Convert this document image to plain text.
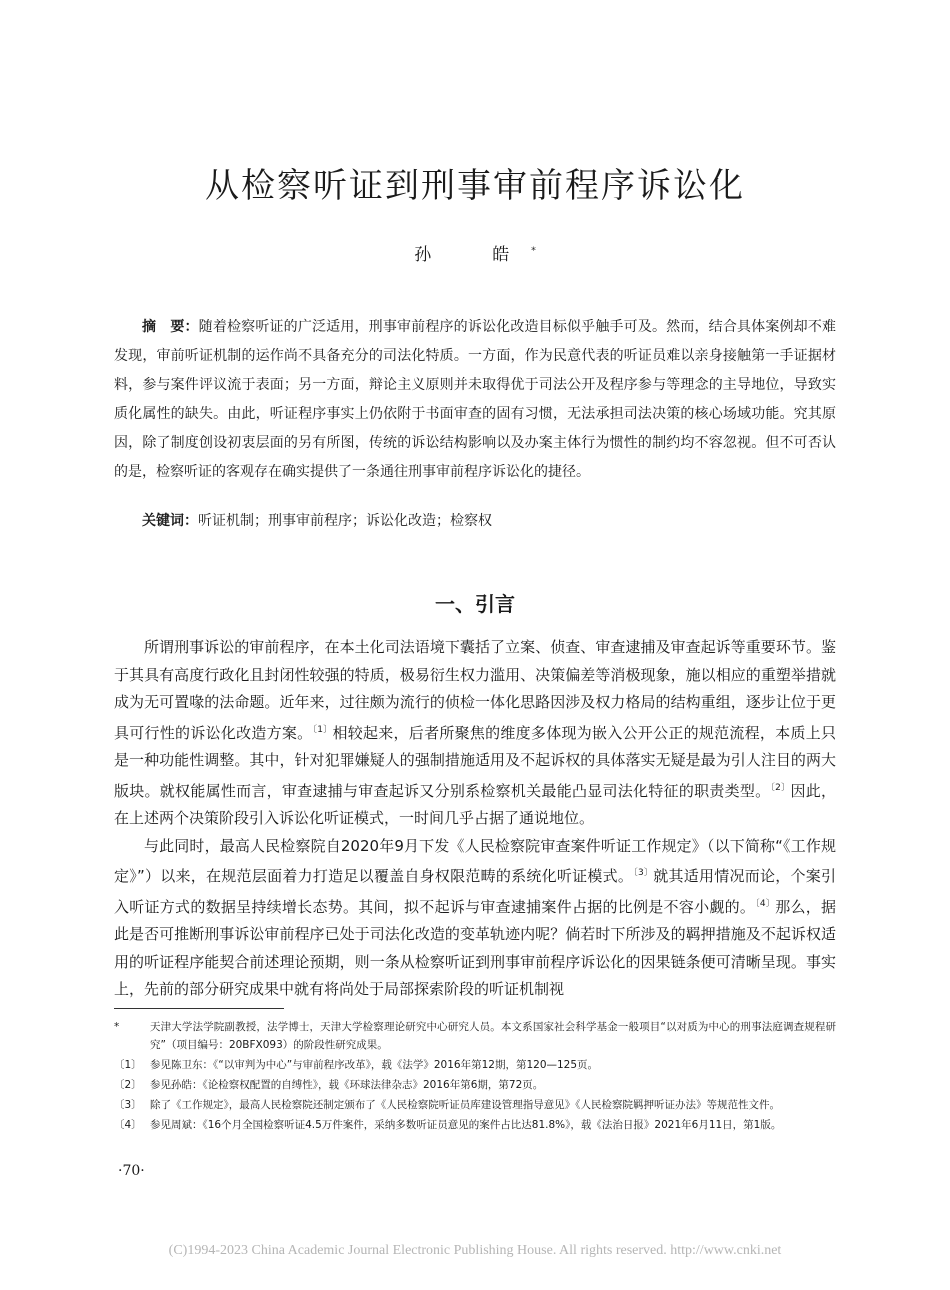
从检察听证到刑事审前程序诉讼化
孙　皓*

摘　要：随着检察听证的广泛适用，刑事审前程序的诉讼化改造目标似乎触手可及。然而，结合具体案例却不难发现，审前听证机制的运作尚不具备充分的司法化特质。一方面，作为民意代表的听证员难以亲身接触第一手证据材料，参与案件评议流于表面；另一方面，辩论主义原则并未取得优于司法公开及程序参与等理念的主导地位，导致实质化属性的缺失。由此，听证程序事实上仍依附于书面审查的固有习惯，无法承担司法决策的核心场域功能。究其原因，除了制度创设初衷层面的另有所图，传统的诉讼结构影响以及办案主体行为惯性的制约均不容忽视。但不可否认的是，检察听证的客观存在确实提供了一条通往刑事审前程序诉讼化的捷径。

关键词：听证机制；刑事审前程序；诉讼化改造；检察权
一、引言

所谓刑事诉讼的审前程序，在本土化司法语境下囊括了立案、侦查、审查逮捕及审查起诉等重要环节。鉴于其具有高度行政化且封闭性较强的特质，极易衍生权力滥用、决策偏差等消极现象，施以相应的重塑举措就成为无可置喙的法命题。近年来，过往颇为流行的侦检一体化思路因涉及权力格局的结构重组，逐步让位于更具可行性的诉讼化改造方案。$^{〔1〕}$相较起来，后者所聚焦的维度多体现为嵌入公开公正的规范流程，本质上只是一种功能性调整。其中，针对犯罪嫌疑人的强制措施适用及不起诉权的具体落实无疑是最为引人注目的两大版块。就权能属性而言，审查逮捕与审查起诉又分别系检察机关最能凸显司法化特征的职责类型。$^{〔2〕}$因此，在上述两个决策阶段引入诉讼化听证模式，一时间几乎占据了通说地位。

与此同时，最高人民检察院自2020年9月下发《人民检察院审查案件听证工作规定》（以下简称“《工作规定》”）以来，在规范层面着力打造足以覆盖自身权限范畴的系统化听证模式。$^{〔3〕}$就其适用情况而论，个案引入听证方式的数据呈持续增长态势。其间，拟不起诉与审查逮捕案件占据的比例是不容小觑的。$^{〔4〕}$那么，据此是否可推断刑事诉讼审前程序已处于司法化改造的变革轨迹内呢？倘若时下所涉及的羁押措施及不起诉权适用的听证程序能契合前述理论预期，则一条从检察听证到刑事审前程序诉讼化的因果链条便可清晰呈现。事实上，先前的部分研究成果中就有将尚处于局部探索阶段的听证机制视

*	天津大学法学院副教授，法学博士，天津大学检察理论研究中心研究人员。本文系国家社会科学基金一般项目“以对质为中心的刑事法庭调查规程研究”（项目编号：20BFX093）的阶段性研究成果。
〔1〕 参见陈卫东：《“以审判为中心”与审前程序改革》，载《法学》2016年第12期，第120—125页。
〔2〕 参见孙皓：《论检察权配置的自缚性》，载《环球法律杂志》2016年第6期，第72页。
〔3〕 除了《工作规定》，最高人民检察院还制定颁布了《人民检察院听证员库建设管理指导意见》《人民检察院羁押听证办法》等规范性文件。
〔4〕 参见周斌：《16个月全国检察听证4.5万件案件，采纳多数听证员意见的案件占比达81.8%》，载《法治日报》2021年6月11日，第1版。
·70·
(C)1994-2023 China Academic Journal Electronic Publishing House. All rights reserved. http://www.cnki.net
